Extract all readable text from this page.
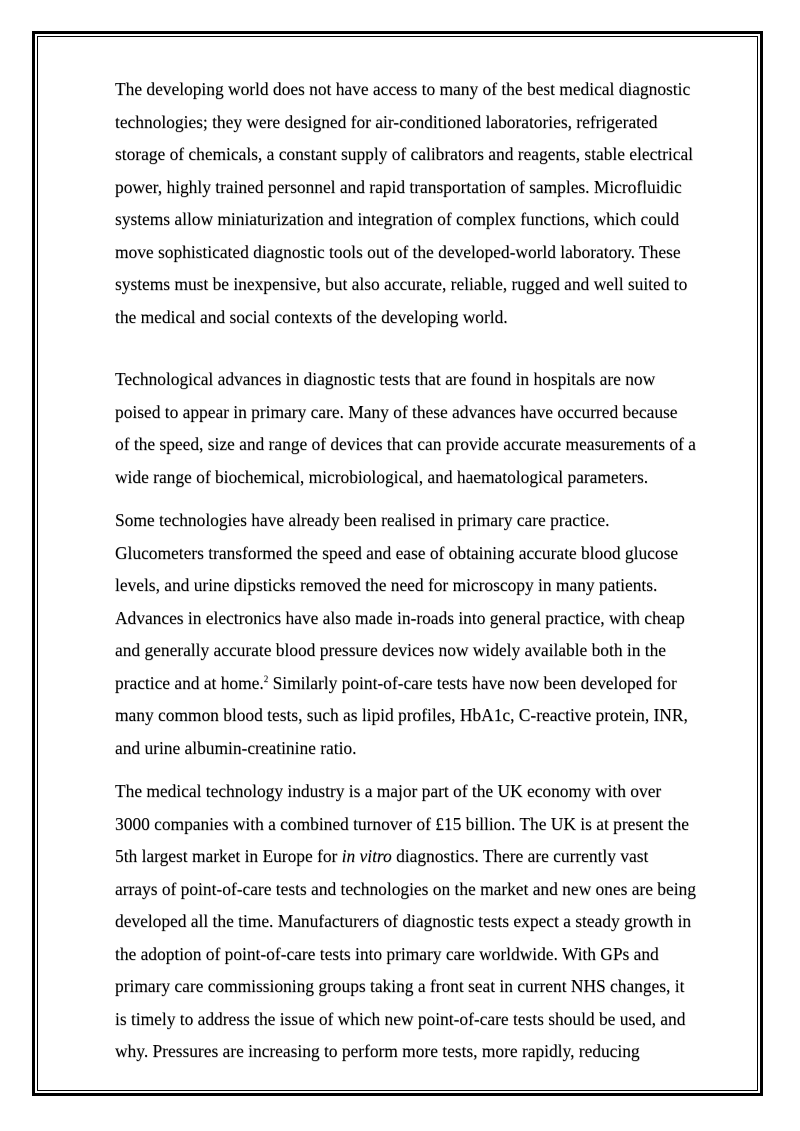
The developing world does not have access to many of the best medical diagnostic
technologies; they were designed for air-conditioned laboratories, refrigerated
storage of chemicals, a constant supply of calibrators and reagents, stable electrical
power, highly trained personnel and rapid transportation of samples. Microfluidic
systems allow miniaturization and integration of complex functions, which could
move sophisticated diagnostic tools out of the developed-world laboratory. These
systems must be inexpensive, but also accurate, reliable, rugged and well suited to
the medical and social contexts of the developing world.

Technological advances in diagnostic tests that are found in hospitals are now
poised to appear in primary care. Many of these advances have occurred because
of the speed, size and range of devices that can provide accurate measurements of a
wide range of biochemical, microbiological, and haematological parameters.

Some technologies have already been realised in primary care practice.
Glucometers transformed the speed and ease of obtaining accurate blood glucose
levels, and urine dipsticks removed the need for microscopy in many patients.
Advances in electronics have also made in-roads into general practice, with cheap
and generally accurate blood pressure devices now widely available both in the
practice and at home.$^2$ Similarly point-of-care tests have now been developed for
many common blood tests, such as lipid profiles, HbA1c, C-reactive protein, INR,
and urine albumin-creatinine ratio.

The medical technology industry is a major part of the UK economy with over
3000 companies with a combined turnover of £15 billion. The UK is at present the
5th largest market in Europe for in vitro diagnostics. There are currently vast
arrays of point-of-care tests and technologies on the market and new ones are being
developed all the time. Manufacturers of diagnostic tests expect a steady growth in
the adoption of point-of-care tests into primary care worldwide. With GPs and
primary care commissioning groups taking a front seat in current NHS changes, it
is timely to address the issue of which new point-of-care tests should be used, and
why. Pressures are increasing to perform more tests, more rapidly, reducing
